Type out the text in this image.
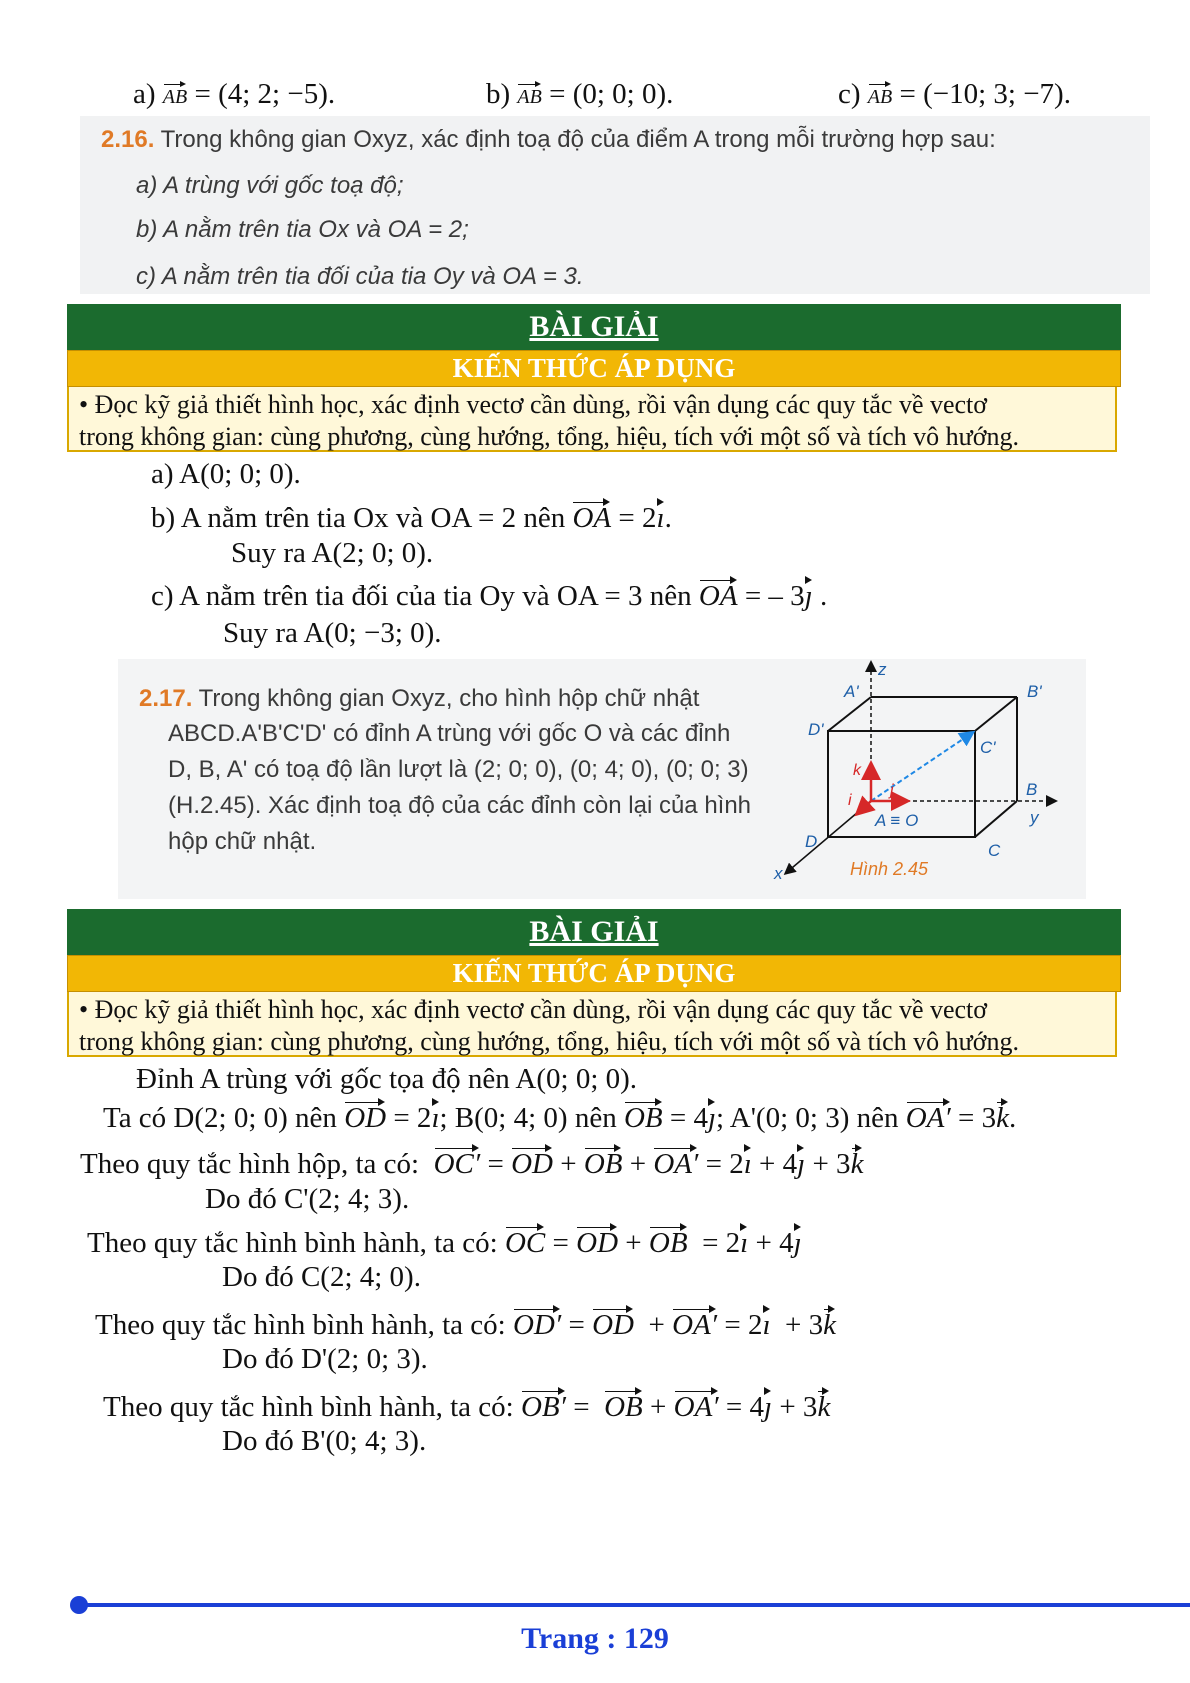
a) AB = (4; 2; −5).	b) AB = (0; 0; 0).	c) AB = (−10; 3; −7).
2.16. Trong không gian Oxyz, xác định toạ độ của điểm A trong mỗi trường hợp sau:
a) A trùng với gốc toạ độ;
b) A nằm trên tia Ox và OA = 2;
c) A nằm trên tia đối của tia Oy và OA = 3.
BÀI GIẢI
KIẾN THỨC ÁP DỤNG
• Đọc kỹ giả thiết hình học, xác định vectơ cần dùng, rồi vận dụng các quy tắc về vectơ
trong không gian: cùng phương, cùng hướng, tổng, hiệu, tích với một số và tích vô hướng.
a) A(0; 0; 0).
b) A nằm trên tia Ox và OA = 2 nên OA = 2ı.
Suy ra A(2; 0; 0).
c) A nằm trên tia đối của tia Oy và OA = 3 nên OA = – 3ȷ .
Suy ra A(0; −3; 0).
2.17. Trong không gian Oxyz, cho hình hộp chữ nhật
ABCD.A'B'C'D' có đỉnh A trùng với gốc O và các đỉnh
D, B, A' có toạ độ lần lượt là (2; 0; 0), (0; 4; 0), (0; 0; 3)
(H.2.45). Xác định toạ độ của các đỉnh còn lại của hình
hộp chữ nhật.
z
y
x
A'	B'
C'
D'
B
C
D
A ≡ O
k
i
j
Hình 2.45
BÀI GIẢI
KIẾN THỨC ÁP DỤNG
• Đọc kỹ giả thiết hình học, xác định vectơ cần dùng, rồi vận dụng các quy tắc về vectơ
trong không gian: cùng phương, cùng hướng, tổng, hiệu, tích với một số và tích vô hướng.
Đỉnh A trùng với gốc tọa độ nên A(0; 0; 0).
Ta có D(2; 0; 0) nên OD = 2ı; B(0; 4; 0) nên OB = 4ȷ; A'(0; 0; 3) nên OA′ = 3k.
Theo quy tắc hình hộp, ta có: OC′ = OD + OB + OA′ = 2ı + 4ȷ + 3k
Do đó C'(2; 4; 3).
Theo quy tắc hình bình hành, ta có: OC = OD + OB  = 2ı + 4ȷ
Do đó C(2; 4; 0).
Theo quy tắc hình bình hành, ta có: OD′ = OD + OA′ = 2ı  + 3k
Do đó D'(2; 0; 3).
Theo quy tắc hình bình hành, ta có: OB′ = OB + OA′ = 4ȷ + 3k
Do đó B'(0; 4; 3).
Trang : 129
